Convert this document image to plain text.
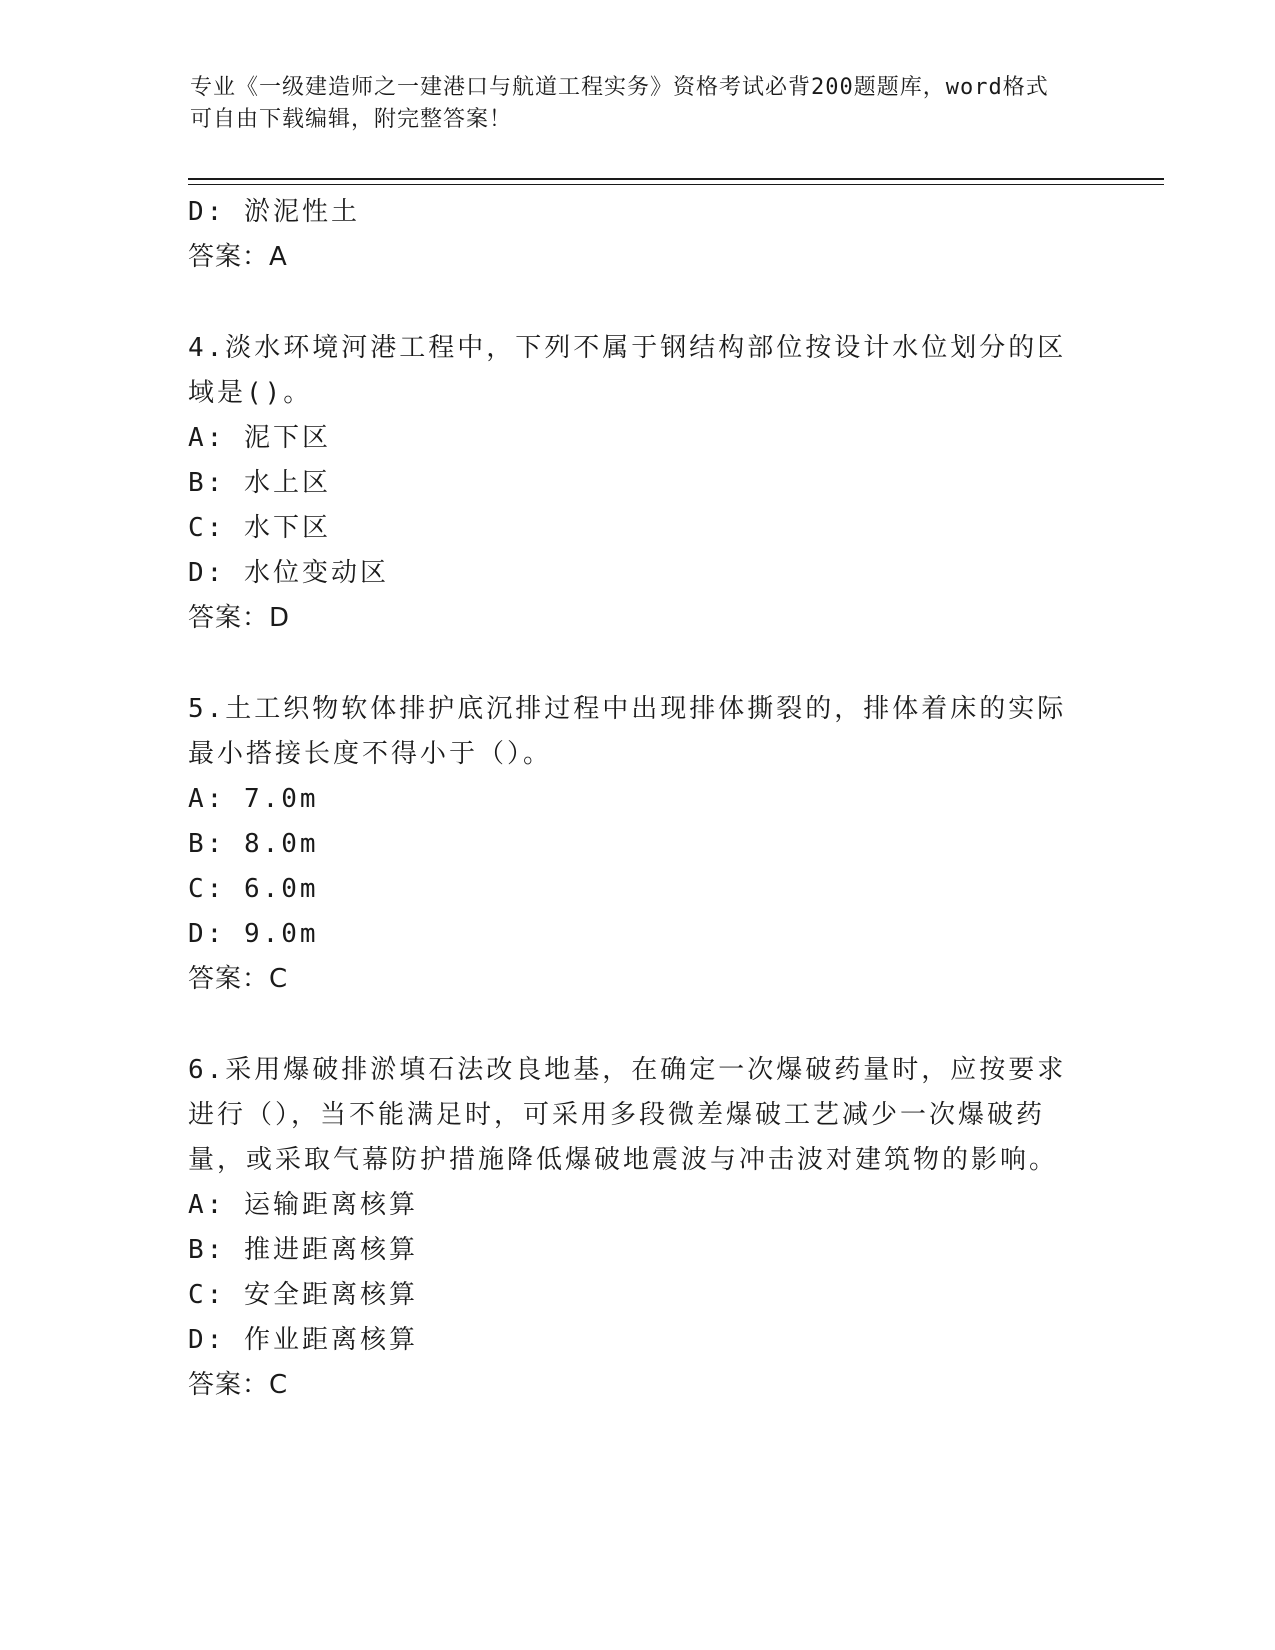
专业《一级建造师之一建港口与航道工程实务》资格考试必背200题题库，word格式可自由下载编辑，附完整答案！
D: 淤泥性土
答案：A
4.淡水环境河港工程中，下列不属于钢结构部位按设计水位划分的区域是()。
A: 泥下区
B: 水上区
C: 水下区
D: 水位变动区
答案：D
5.土工织物软体排护底沉排过程中出现排体撕裂的，排体着床的实际最小搭接长度不得小于（）。
A: 7.0m
B: 8.0m
C: 6.0m
D: 9.0m
答案：C
6.采用爆破排淤填石法改良地基，在确定一次爆破药量时，应按要求进行（），当不能满足时，可采用多段微差爆破工艺减少一次爆破药量，或采取气幕防护措施降低爆破地震波与冲击波对建筑物的影响。
A: 运输距离核算
B: 推进距离核算
C: 安全距离核算
D: 作业距离核算
答案：C
